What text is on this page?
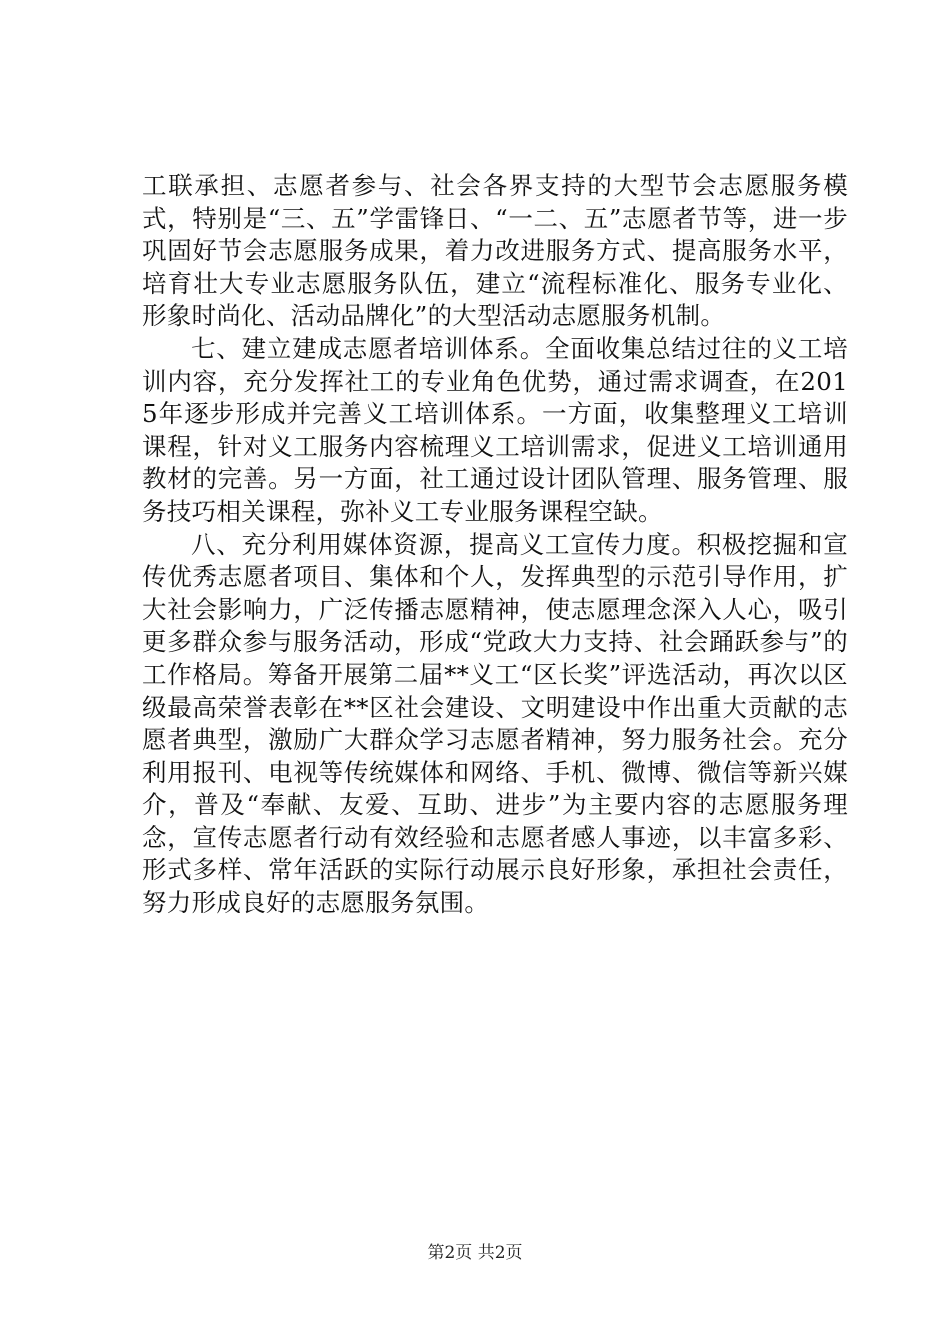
工联承担、志愿者参与、社会各界支持的大型节会志愿服务模式，特别是“三、五”学雷锋日、“一二、五”志愿者节等，进一步巩固好节会志愿服务成果，着力改进服务方式、提高服务水平，培育壮大专业志愿服务队伍，建立“流程标准化、服务专业化、形象时尚化、活动品牌化”的大型活动志愿服务机制。

七、建立建成志愿者培训体系。全面收集总结过往的义工培训内容，充分发挥社工的专业角色优势，通过需求调查，在2015年逐步形成并完善义工培训体系。一方面，收集整理义工培训课程，针对义工服务内容梳理义工培训需求，促进义工培训通用教材的完善。另一方面，社工通过设计团队管理、服务管理、服务技巧相关课程，弥补义工专业服务课程空缺。

八、充分利用媒体资源，提高义工宣传力度。积极挖掘和宣传优秀志愿者项目、集体和个人，发挥典型的示范引导作用，扩大社会影响力，广泛传播志愿精神，使志愿理念深入人心，吸引更多群众参与服务活动，形成“党政大力支持、社会踊跃参与”的工作格局。筹备开展第二届**义工“区长奖”评选活动，再次以区级最高荣誉表彰在**区社会建设、文明建设中作出重大贡献的志愿者典型，激励广大群众学习志愿者精神，努力服务社会。充分利用报刊、电视等传统媒体和网络、手机、微博、微信等新兴媒介，普及“奉献、友爱、互助、进步”为主要内容的志愿服务理念，宣传志愿者行动有效经验和志愿者感人事迹，以丰富多彩、形式多样、常年活跃的实际行动展示良好形象，承担社会责任，努力形成良好的志愿服务氛围。

第2页 共2页
